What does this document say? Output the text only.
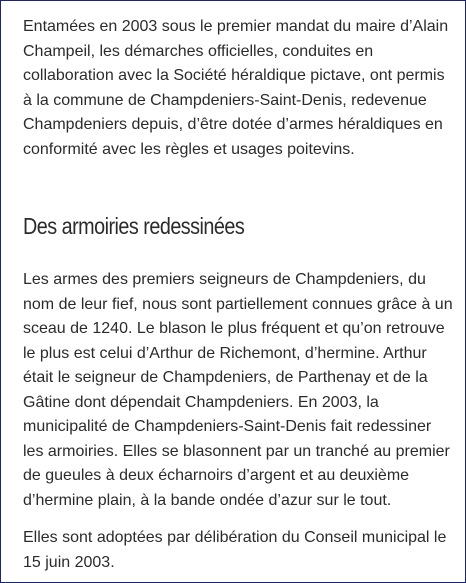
Entamées en 2003 sous le premier mandat du maire d’Alain Champeil, les démarches officielles, conduites en collaboration avec la Société héraldique pictave, ont permis à la commune de Champdeniers-Saint-Denis, redevenue Champdeniers depuis, d’être dotée d’armes héraldiques en conformité avec les règles et usages poitevins.

Des armoiries redessinées

Les armes des premiers seigneurs de Champdeniers, du nom de leur fief, nous sont partiellement connues grâce à un sceau de 1240. Le blason le plus fréquent et qu’on retrouve le plus est celui d’Arthur de Richemont, d’hermine. Arthur était le seigneur de Champdeniers, de Parthenay et de la Gâtine dont dépendait Champdeniers. En 2003, la municipalité de Champdeniers-Saint-Denis fait redessiner les armoiries. Elles se blasonnent par un tranché au premier de gueules à deux écharnoirs d’argent et au deuxième d’hermine plain, à la bande ondée d’azur sur le tout.

Elles sont adoptées par délibération du Conseil municipal le 15 juin 2003.
